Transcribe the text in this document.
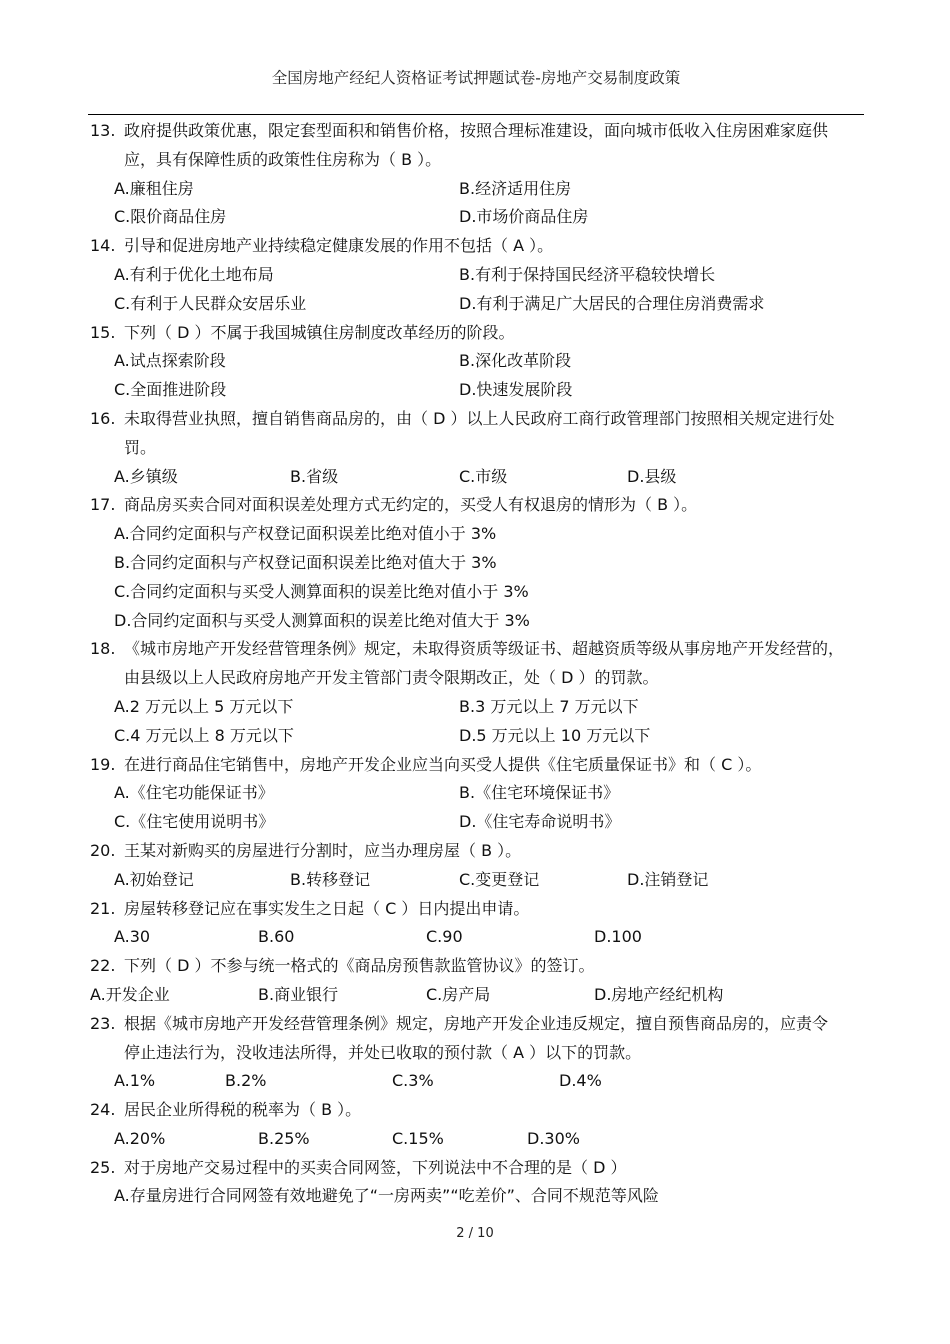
全国房地产经纪人资格证考试押题试卷-房地产交易制度政策
13. 政府提供政策优惠，限定套型面积和销售价格，按照合理标准建设，面向城市低收入住房困难家庭供
应，具有保障性质的政策性住房称为（ B ）。
A.廉租住房	B.经济适用住房
C.限价商品住房	D.市场价商品住房
14. 引导和促进房地产业持续稳定健康发展的作用不包括（ A ）。
A.有利于优化土地布局	B.有利于保持国民经济平稳较快增长
C.有利于人民群众安居乐业	D.有利于满足广大居民的合理住房消费需求
15. 下列（ D ）不属于我国城镇住房制度改革经历的阶段。
A.试点探索阶段	B.深化改革阶段
C.全面推进阶段	D.快速发展阶段
16. 未取得营业执照，擅自销售商品房的，由（ D ）以上人民政府工商行政管理部门按照相关规定进行处
罚。
A.乡镇级	B.省级	C.市级	D.县级
17. 商品房买卖合同对面积误差处理方式无约定的，买受人有权退房的情形为（ B ）。
A.合同约定面积与产权登记面积误差比绝对值小于 3%
B.合同约定面积与产权登记面积误差比绝对值大于 3%
C.合同约定面积与买受人测算面积的误差比绝对值小于 3%
D.合同约定面积与买受人测算面积的误差比绝对值大于 3%
18. 《城市房地产开发经营管理条例》规定，未取得资质等级证书、超越资质等级从事房地产开发经营的，
由县级以上人民政府房地产开发主管部门责令限期改正，处（ D ）的罚款。
A.2 万元以上 5 万元以下	B.3 万元以上 7 万元以下
C.4 万元以上 8 万元以下	D.5 万元以上 10 万元以下
19. 在进行商品住宅销售中，房地产开发企业应当向买受人提供《住宅质量保证书》和（ C ）。
A.《住宅功能保证书》	B.《住宅环境保证书》
C.《住宅使用说明书》	D.《住宅寿命说明书》
20. 王某对新购买的房屋进行分割时，应当办理房屋（ B ）。
A.初始登记	B.转移登记	C.变更登记	D.注销登记
21. 房屋转移登记应在事实发生之日起（ C ）日内提出申请。
A.30	B.60	C.90	D.100
22. 下列（ D ）不参与统一格式的《商品房预售款监管协议》的签订。
A.开发企业	B.商业银行	C.房产局	D.房地产经纪机构
23. 根据《城市房地产开发经营管理条例》规定，房地产开发企业违反规定，擅自预售商品房的，应责令
停止违法行为，没收违法所得，并处已收取的预付款（ A ）以下的罚款。
A.1%	B.2%	C.3%	D.4%
24. 居民企业所得税的税率为（ B ）。
A.20%	B.25%	C.15%	D.30%
25. 对于房地产交易过程中的买卖合同网签，下列说法中不合理的是（ D ）
A.存量房进行合同网签有效地避免了“一房两卖”“吃差价”、合同不规范等风险
2 / 10
